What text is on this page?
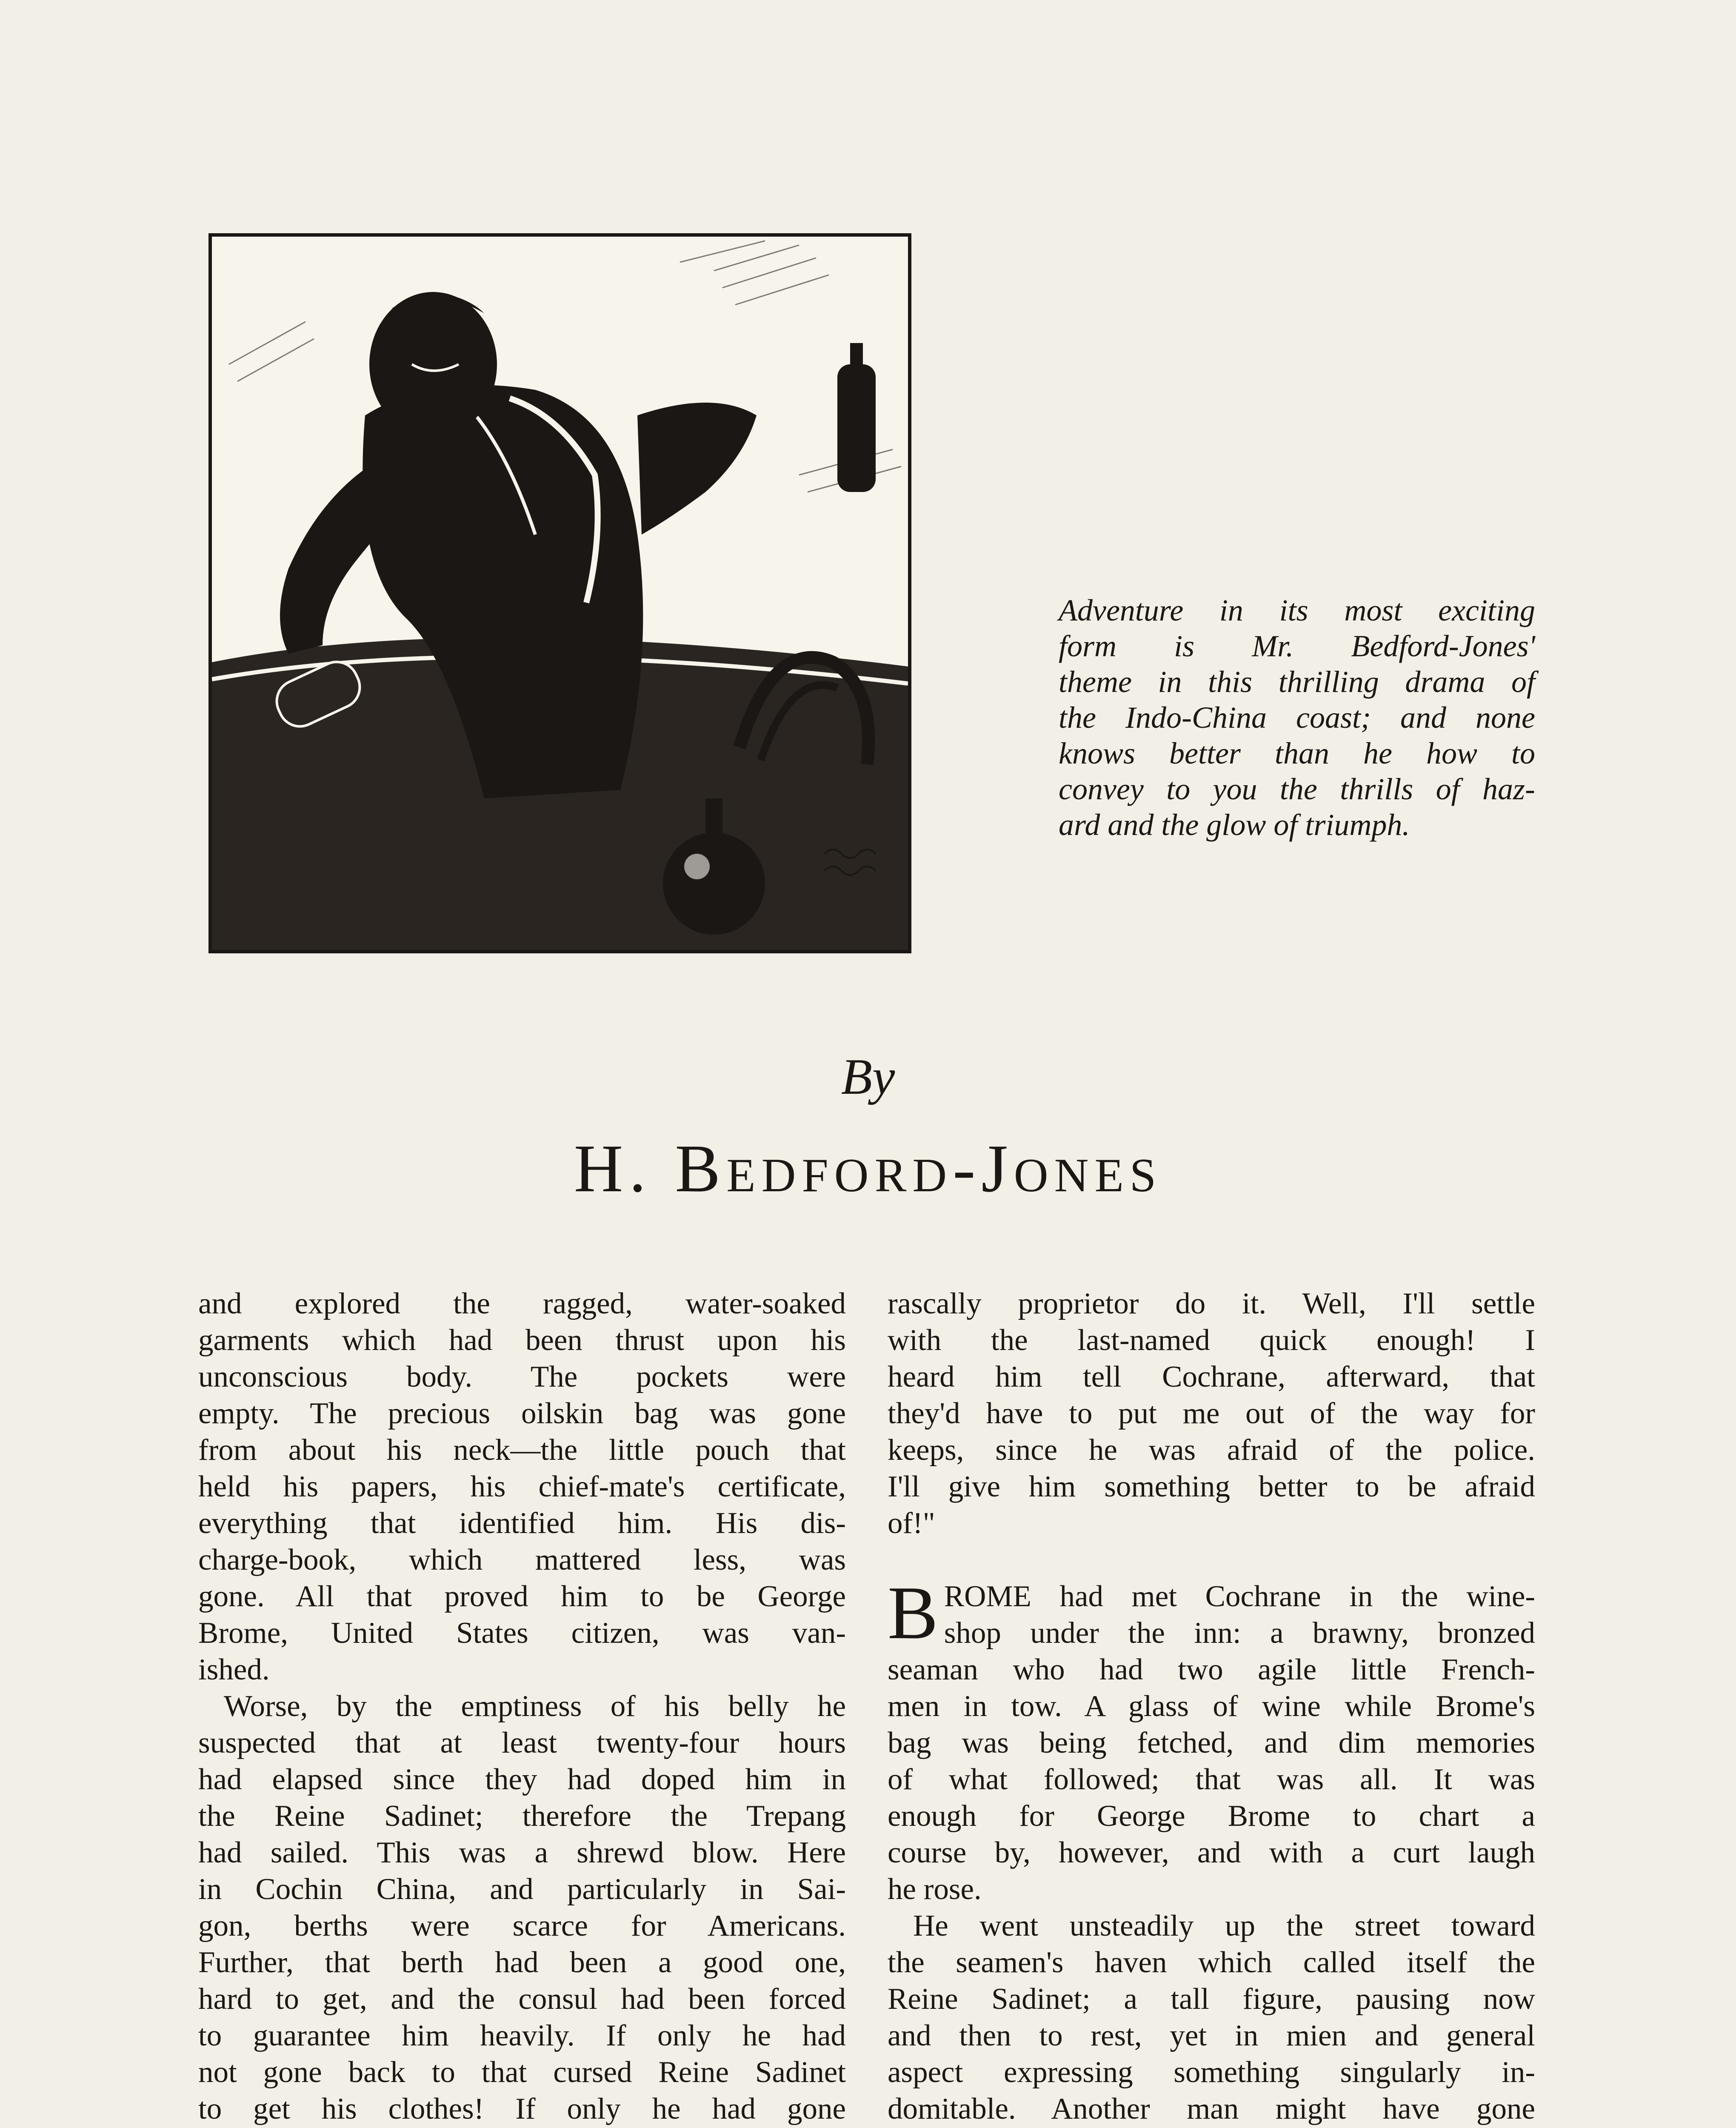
Adventure in its most exciting
form is Mr. Bedford-Jones'
theme in this thrilling drama of
the Indo-China coast; and none
knows better than he how to
convey to you the thrills of haz-
ard and the glow of triumph.
By
H. Bedford-Jones
and explored the ragged, water-soaked
garments which had been thrust upon his
unconscious body. The pockets were
empty. The precious oilskin bag was gone
from about his neck—the little pouch that
held his papers, his chief-mate's certificate,
everything that identified him. His dis-
charge-book, which mattered less, was
gone. All that proved him to be George
Brome, United States citizen, was van-
ished.
Worse, by the emptiness of his belly he
suspected that at least twenty-four hours
had elapsed since they had doped him in
the Reine Sadinet; therefore the Trepang
had sailed. This was a shrewd blow. Here
in Cochin China, and particularly in Sai-
gon, berths were scarce for Americans.
Further, that berth had been a good one,
hard to get, and the consul had been forced
to guarantee him heavily. If only he had
not gone back to that cursed Reine Sadinet
to get his clothes! If only he had gone
rascally proprietor do it. Well, I'll settle
with the last-named quick enough! I
heard him tell Cochrane, afterward, that
they'd have to put me out of the way for
keeps, since he was afraid of the police.
I'll give him something better to be afraid
of!"
B ROME had met Cochrane in the wine-
shop under the inn: a brawny, bronzed
seaman who had two agile little French-
men in tow. A glass of wine while Brome's
bag was being fetched, and dim memories
of what followed; that was all. It was
enough for George Brome to chart a
course by, however, and with a curt laugh
he rose.
He went unsteadily up the street toward
the seamen's haven which called itself the
Reine Sadinet; a tall figure, pausing now
and then to rest, yet in mien and general
aspect expressing something singularly in-
domitable. Another man might have gone
